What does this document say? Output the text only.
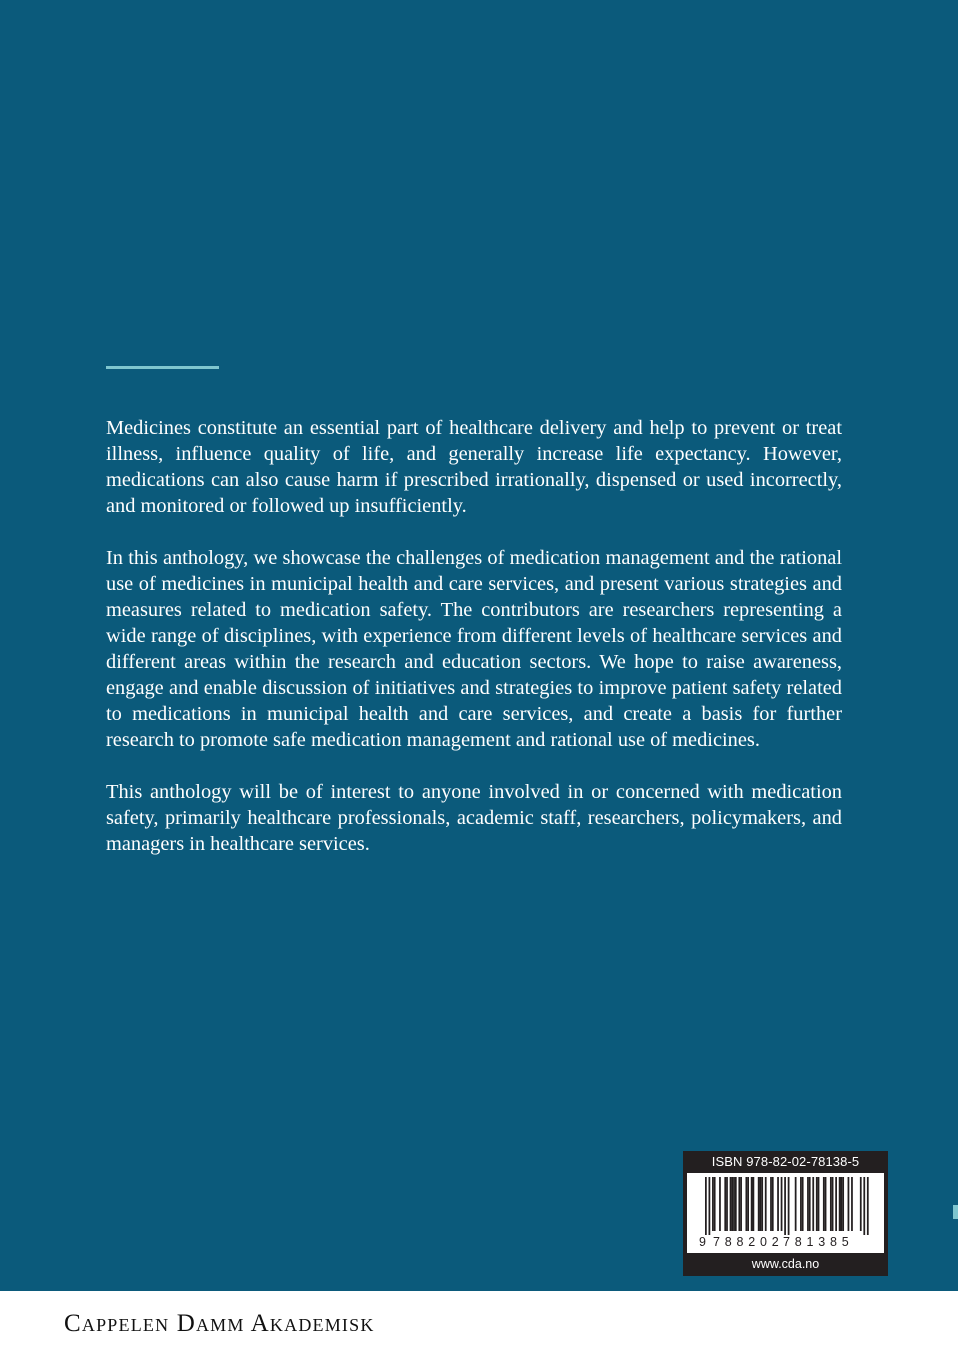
Medicines constitute an essential part of healthcare delivery and help to prevent or treat illness, influence quality of life, and generally increase life expectancy. However, medications can also cause harm if prescribed irrationally, dispensed or used incorrectly, and monitored or followed up insufficiently.

In this anthology, we showcase the challenges of medication management and the rational use of medicines in municipal health and care services, and present various strategies and measures related to medication safety. The contributors are researchers representing a wide range of disciplines, with experience from different levels of healthcare services and different areas within the research and education sectors. We hope to raise awareness, engage and enable discussion of initiatives and strategies to improve patient safety related to medications in municipal health and care services, and create a basis for further research to promote safe medication management and rational use of medicines.

This anthology will be of interest to anyone involved in or concerned with medication safety, primarily healthcare professionals, academic staff, researchers, policymakers, and managers in healthcare services.

ISBN 978-82-02-78138-5
9 788202 781385
www.cda.no
Cappelen Damm Akademisk
